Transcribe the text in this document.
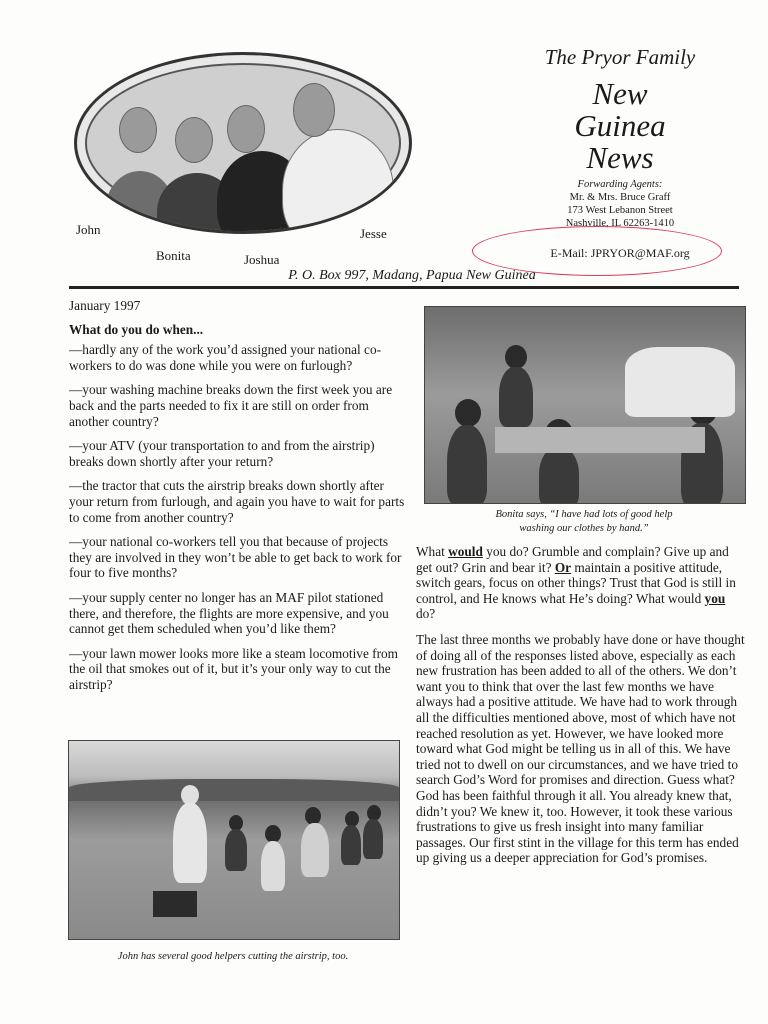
John
Bonita	Joshua
Jesse
The Pryor Family
New
Guinea
News
Forwarding Agents:
Mr. & Mrs. Bruce Graff
173 West Lebanon Street
Nashville, IL 62263-1410
E-Mail: JPRYOR@MAF.org
P. O. Box 997, Madang, Papua New Guinea

January 1997

What do you do when...

—hardly any of the work you’d assigned your national co-workers to do was done while you were on furlough?

—your washing machine breaks down the first week you are back and the parts needed to fix it are still on order from another country?

—your ATV (your transportation to and from the airstrip) breaks down shortly after your return?

—the tractor that cuts the airstrip breaks down shortly after your return from furlough, and again you have to wait for parts to come from another country?

—your national co-workers tell you that because of projects they are involved in they won’t be able to get back to work for four to five months?

—your supply center no longer has an MAF pilot stationed there, and therefore, the flights are more expensive, and you cannot get them scheduled when you’d like them?

—your lawn mower looks more like a steam locomotive from the oil that smokes out of it, but it’s your only way to cut the airstrip?

Bonita says, “I have had lots of good help
washing our clothes by hand.”

What would you do? Grumble and complain? Give up and get out? Grin and bear it? Or maintain a positive attitude, switch gears, focus on other things? Trust that God is still in control, and He knows what He’s doing? What would you do?

The last three months we probably have done or have thought of doing all of the responses listed above, especially as each new frustration has been added to all of the others. We don’t want you to think that over the last few months we have always had a positive attitude. We have had to work through all the difficulties mentioned above, most of which have not reached resolution as yet. However, we have looked more toward what God might be telling us in all of this. We have tried not to dwell on our circumstances, and we have tried to search God’s Word for promises and direction. Guess what? God has been faithful through it all. You already knew that, didn’t you? We knew it, too. However, it took these various frustrations to give us fresh insight into many familiar passages. Our first stint in the village for this term has ended up giving us a deeper appreciation for God’s promises.

John has several good helpers cutting the airstrip, too.
